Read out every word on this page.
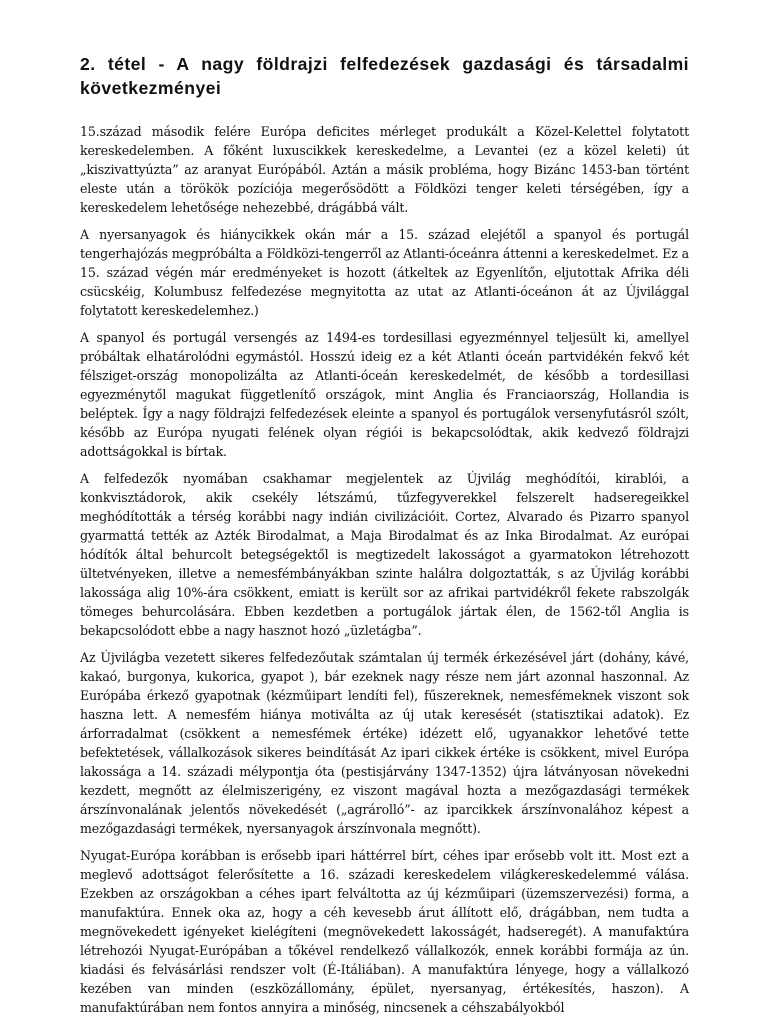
2. tétel - A nagy földrajzi felfedezések gazdasági és társadalmi következményei

15.század második felére Európa deficites mérleget produkált a Közel-Kelettel folytatott kereskedelemben. A főként luxuscikkek kereskedelme, a Levantei (ez a közel keleti) út „kiszivattyúzta” az aranyat Európából. Aztán a másik probléma, hogy Bizánc 1453-ban történt eleste után a törökök pozíciója megerősödött a Földközi tenger keleti térségében, így a kereskedelem lehetősége nehezebbé, drágábbá vált.

A nyersanyagok és hiánycikkek okán már a 15. század elejétől a spanyol és portugál tengerhajózás megpróbálta a Földközi-tengerről az Atlanti-óceánra áttenni a kereskedelmet. Ez a 15. század végén már eredményeket is hozott (átkeltek az Egyenlítőn, eljutottak Afrika déli csücskéig, Kolumbusz felfedezése megnyitotta az utat az Atlanti-óceánon át az Újvilággal folytatott kereskedelemhez.)

A spanyol és portugál versengés az 1494-es tordesillasi egyezménnyel teljesült ki, amellyel próbáltak elhatárolódni egymástól. Hosszú ideig ez a két Atlanti óceán partvidékén fekvő két félsziget-ország monopolizálta az Atlanti-óceán kereskedelmét, de később a tordesillasi egyezménytől magukat függetlenítő országok, mint Anglia és Franciaország, Hollandia is beléptek. Így a nagy földrajzi felfedezések eleinte a spanyol és portugálok versenyfutásról szólt, később az Európa nyugati felének olyan régiói is bekapcsolódtak, akik kedvező földrajzi adottságokkal is bírtak.

A felfedezők nyomában csakhamar megjelentek az Újvilág meghódítói, kirablói, a konkvisztádorok, akik csekély létszámú, tűzfegyverekkel felszerelt hadseregeikkel meghódították a térség korábbi nagy indián civilizációit. Cortez, Alvarado és Pizarro spanyol gyarmattá tették az Azték Birodalmat, a Maja Birodalmat és az Inka Birodalmat. Az európai hódítók által behurcolt betegségektől is megtizedelt lakosságot a gyarmatokon létrehozott ültetvényeken, illetve a nemesfémbányákban szinte halálra dolgoztatták, s az Újvilág korábbi lakossága alig 10%-ára csökkent, emiatt is került sor az afrikai partvidékről fekete rabszolgák tömeges behurcolására. Ebben kezdetben a portugálok jártak élen, de 1562-től Anglia is bekapcsolódott ebbe a nagy hasznot hozó „üzletágba”.

Az Újvilágba vezetett sikeres felfedezőutak számtalan új termék érkezésével járt (dohány, kávé, kakaó, burgonya, kukorica, gyapot ), bár ezeknek nagy része nem járt azonnal haszonnal. Az Európába érkező gyapotnak (kézműipart lendíti fel), fűszereknek, nemesfémeknek viszont sok haszna lett. A nemesfém hiánya motiválta az új utak keresését (statisztikai adatok). Ez árforradalmat (csökkent a nemesfémek értéke) idézett elő, ugyanakkor lehetővé tette befektetések, vállalkozások sikeres beindítását Az ipari cikkek értéke is csökkent, mivel Európa lakossága a 14. századi mélypontja óta (pestisjárvány 1347-1352) újra látványosan növekedni kezdett, megnőtt az élelmiszerigény, ez viszont magával hozta a mezőgazdasági termékek árszínvonalának jelentős növekedését („agrárolló”- az iparcikkek árszínvonalához képest a mezőgazdasági termékek, nyersanyagok árszínvonala megnőtt).

Nyugat-Európa korábban is erősebb ipari háttérrel bírt, céhes ipar erősebb volt itt. Most ezt a meglevő adottságot felerősítette a 16. századi kereskedelem világkereskedelemmé válása. Ezekben az országokban a céhes ipart felváltotta az új kézműipari (üzemszervezési) forma, a manufaktúra. Ennek oka az, hogy a céh kevesebb árut állított elő, drágábban, nem tudta a megnövekedett igényeket kielégíteni (megnövekedett lakosságét, hadseregét). A manufaktúra létrehozói Nyugat-Európában a tőkével rendelkező vállalkozók, ennek korábbi formája az ún. kiadási és felvásárlási rendszer volt (É-Itáliában). A manufaktúra lényege, hogy a vállalkozó kezében van minden (eszközállomány, épület, nyersanyag, értékesítés, haszon). A manufaktúrában nem fontos annyira a minőség, nincsenek a céhszabályokból
